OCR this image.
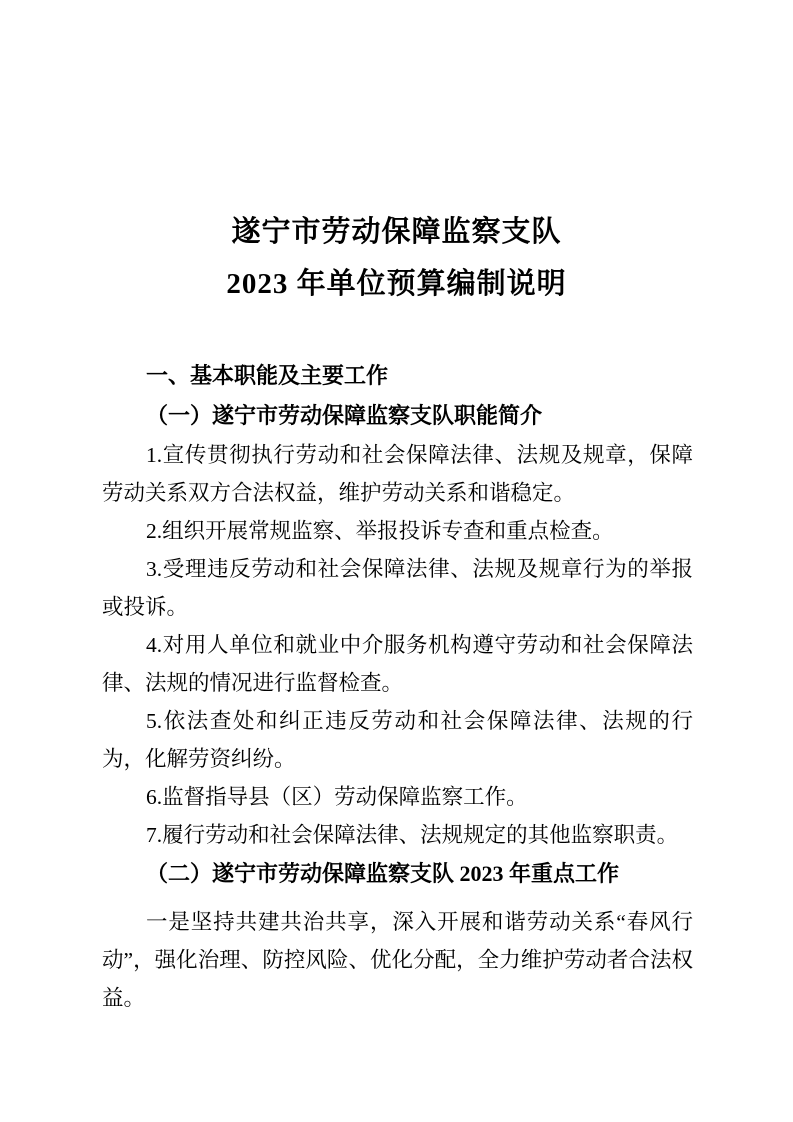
遂宁市劳动保障监察支队
2023 年单位预算编制说明

一、基本职能及主要工作

（一）遂宁市劳动保障监察支队职能简介

1.宣传贯彻执行劳动和社会保障法律、法规及规章，保障劳动关系双方合法权益，维护劳动关系和谐稳定。

2.组织开展常规监察、举报投诉专查和重点检查。

3.受理违反劳动和社会保障法律、法规及规章行为的举报或投诉。

4.对用人单位和就业中介服务机构遵守劳动和社会保障法律、法规的情况进行监督检查。

5.依法查处和纠正违反劳动和社会保障法律、法规的行为，化解劳资纠纷。

6.监督指导县（区）劳动保障监察工作。

7.履行劳动和社会保障法律、法规规定的其他监察职责。

（二）遂宁市劳动保障监察支队 2023 年重点工作

一是坚持共建共治共享，深入开展和谐劳动关系“春风行动”，强化治理、防控风险、优化分配，全力维护劳动者合法权益。
